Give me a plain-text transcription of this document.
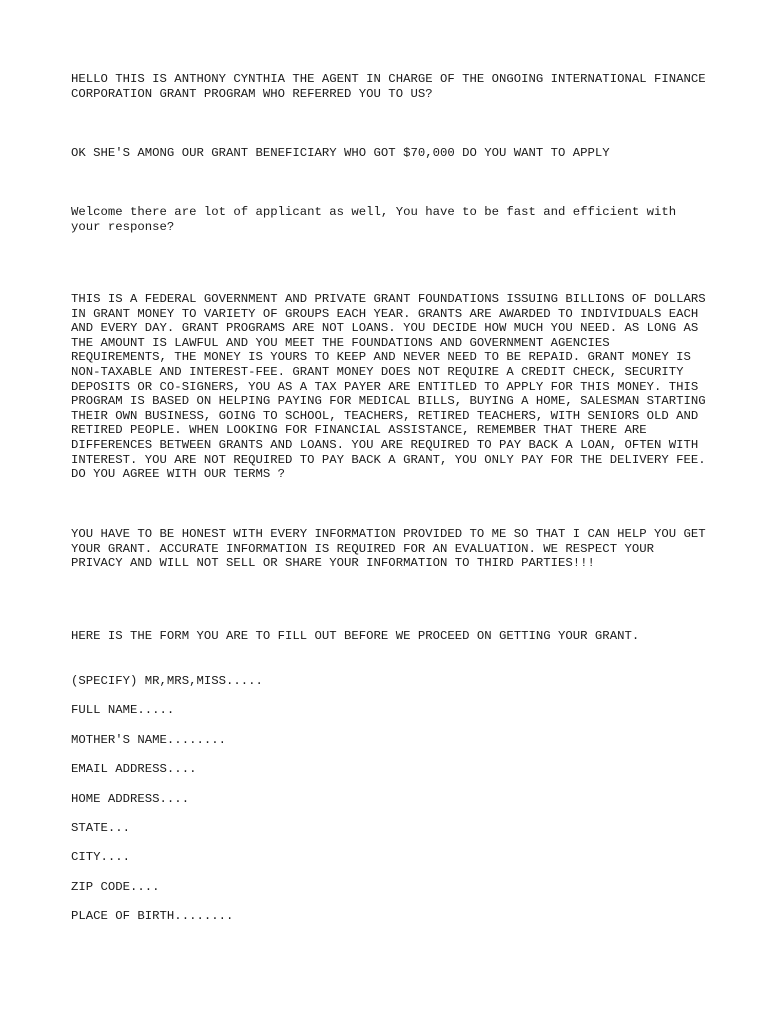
HELLO THIS IS ANTHONY CYNTHIA THE AGENT IN CHARGE OF THE ONGOING INTERNATIONAL FINANCE CORPORATION GRANT PROGRAM WHO REFERRED YOU TO US?

OK SHE'S AMONG OUR GRANT BENEFICIARY WHO GOT $70,000 DO YOU WANT TO APPLY

Welcome there are lot of applicant as well, You have to be fast and efficient with your response?

THIS IS A FEDERAL GOVERNMENT AND PRIVATE GRANT FOUNDATIONS ISSUING BILLIONS OF DOLLARS IN GRANT MONEY TO VARIETY OF GROUPS EACH YEAR. GRANTS ARE AWARDED TO INDIVIDUALS EACH AND EVERY DAY. GRANT PROGRAMS ARE NOT LOANS. YOU DECIDE HOW MUCH YOU NEED. AS LONG AS THE AMOUNT IS LAWFUL AND YOU MEET THE FOUNDATIONS AND GOVERNMENT AGENCIES REQUIREMENTS, THE MONEY IS YOURS TO KEEP AND NEVER NEED TO BE REPAID. GRANT MONEY IS NON-TAXABLE AND INTEREST-FEE. GRANT MONEY DOES NOT REQUIRE A CREDIT CHECK, SECURITY DEPOSITS OR CO-SIGNERS, YOU AS A TAX PAYER ARE ENTITLED TO APPLY FOR THIS MONEY. THIS PROGRAM IS BASED ON HELPING PAYING FOR MEDICAL BILLS, BUYING A HOME, SALESMAN STARTING THEIR OWN BUSINESS, GOING TO SCHOOL, TEACHERS, RETIRED TEACHERS, WITH SENIORS OLD AND RETIRED PEOPLE. WHEN LOOKING FOR FINANCIAL ASSISTANCE, REMEMBER THAT THERE ARE DIFFERENCES BETWEEN GRANTS AND LOANS. YOU ARE REQUIRED TO PAY BACK A LOAN, OFTEN WITH INTEREST. YOU ARE NOT REQUIRED TO PAY BACK A GRANT, YOU ONLY PAY FOR THE DELIVERY FEE. DO YOU AGREE WITH OUR TERMS ?

YOU HAVE TO BE HONEST WITH EVERY INFORMATION PROVIDED TO ME SO THAT I CAN HELP YOU GET YOUR GRANT. ACCURATE INFORMATION IS REQUIRED FOR AN EVALUATION. WE RESPECT YOUR PRIVACY AND WILL NOT SELL OR SHARE YOUR INFORMATION TO THIRD PARTIES!!!

HERE IS THE FORM YOU ARE TO FILL OUT BEFORE WE PROCEED ON GETTING YOUR GRANT.

(SPECIFY) MR,MRS,MISS.....
FULL NAME.....
MOTHER'S NAME........
EMAIL ADDRESS....
HOME ADDRESS....
STATE...
CITY....
ZIP CODE....
PLACE OF BIRTH........
